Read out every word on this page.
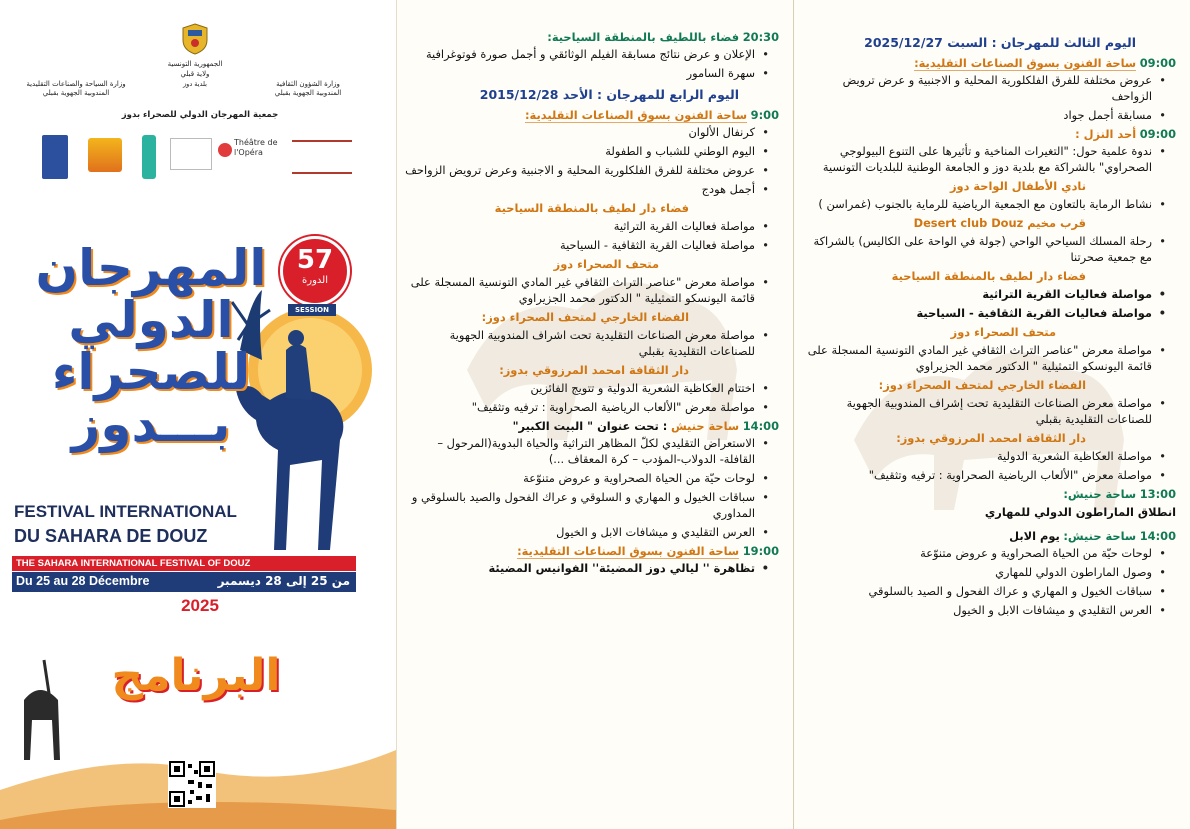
الجمهورية التونسية
ولاية قبلي
بلدية دوز
وزارة السياحة والصناعات التقليدية
المندوبية الجهوية بقبلي
وزارة الشؤون الثقافية
المندوبية الجهوية بقبلي
جمعية المهرجان الدولي للصحراء بدوز
Théâtre de l'Opéra
المهرجان
الدولي
للصحراء
بـــدوز
57
الدورة
SESSION
FESTIVAL INTERNATIONAL
DU SAHARA DE DOUZ
THE SAHARA INTERNATIONAL FESTIVAL OF DOUZ
Du 25 au 28 Décembre	من 25 إلى 28 ديسمبر
2025
البرنامج
20:30 فضاء باللطيف بالمنطقة السياحية:
• الإعلان و عرض نتائج مسابقة الفيلم الوثائقي و أجمل صورة فوتوغرافية
• سهرة السامور
اليوم الرابع للمهرجان : الأحد 2015/12/28
9:00 ساحة الفنون بسوق الصناعات التقليدية:
• كرنفال الألوان
• اليوم الوطني للشباب و الطفولة
• عروض مختلفة للفرق الفلكلورية المحلية و الاجنبية وعرض ترويض الزواحف
• أجمل هودج
فضاء دار لطيف بالمنطقة السياحية
• مواصلة فعاليات القرية التراثية
• مواصلة فعاليات القرية الثقافية - السياحية
متحف الصحراء دوز
• مواصلة معرض "عناصر التراث الثقافي غير المادي التونسية المسجلة على قائمة اليونسكو التمثيلية " الدكتور محمد الجزيراوي
الفضاء الخارجي لمتحف الصحراء دوز:
• مواصلة معرض الصناعات التقليدية تحت اشراف المندوبية الجهوية للصناعات التقليدية بقبلي
دار الثقافة امحمد المرزوقي بدوز:
• اختتام العكاظية الشعرية الدولية و تتويج الفائزين
• مواصلة معرض "الألعاب الرياضية الصحراوية : ترفيه وتثقيف"
14:00 ساحة حنيش : تحت عنوان " البيت الكبير"
• الاستعراض التقليدي لكلّ المظاهر التراثية والحياة البدوية(المرحول –القافلة- الدولاب-المؤدب – كرة المعقاف ...)
• لوحات حيّة من الحياة الصحراوية و عروض متنوّعة
• سباقات الخيول و المهاري و السلوقي و عراك الفحول والصيد بالسلوقي و المداوري
• العرس التقليدي و ميشافات الابل و الخيول
19:00 ساحة الفنون بسوق الصناعات التقليدية:
• تظاهرة '' ليالي دوز المضيئة'' الفوانيس المضيئة
اليوم الثالث للمهرجان : السبت 2025/12/27
09:00 ساحة الفنون بسوق الصناعات التقليدية:
• عروض مختلفة للفرق الفلكلورية المحلية و الاجنبية و عرض ترويض الزواحف
• مسابقة أجمل جواد
09:00 أحد النزل :
• ندوة علمية حول: "التغيرات المناخية و تأثيرها على التنوع البيولوجي الصحراوي" بالشراكة مع بلدية دوز و الجامعة الوطنية للبلديات التونسية
نادي الأطفال الواحة دوز
• نشاط الرماية بالتعاون مع الجمعية الرياضية للرماية بالجنوب (غمراسن )
قرب مخيم Desert club Douz
• رحلة المسلك السياحي الواحي (جولة في الواحة على الكاليس) بالشراكة مع جمعية صحرتنا
فضاء دار لطيف بالمنطقة السياحية
• مواصلة فعاليات القرية التراثية
• مواصلة فعاليات القرية الثقافية - السياحية
متحف الصحراء دوز
• مواصلة معرض "عناصر التراث الثقافي غير المادي التونسية المسجلة على قائمة اليونسكو التمثيلية " الدكتور محمد الجزيراوي
الفضاء الخارجي لمتحف الصحراء دوز:
• مواصلة معرض الصناعات التقليدية تحت إشراف المندوبية الجهوية للصناعات التقليدية بقبلي
دار الثقافة امحمد المرزوقي بدوز:
• مواصلة العكاظية الشعرية الدولية
• مواصلة معرض "الألعاب الرياضية الصحراوية : ترفيه وتثقيف"
13:00 ساحة حنيش:
انطلاق الماراطون الدولي للمهاري
14:00 ساحة حنيش: يوم الابل
• لوحات حيّة من الحياة الصحراوية و عروض متنوّعة
• وصول الماراطون الدولي للمهاري
• سباقات الخيول و المهاري و عراك الفحول و الصيد بالسلوقي
• العرس التقليدي و ميشافات الابل و الخيول
